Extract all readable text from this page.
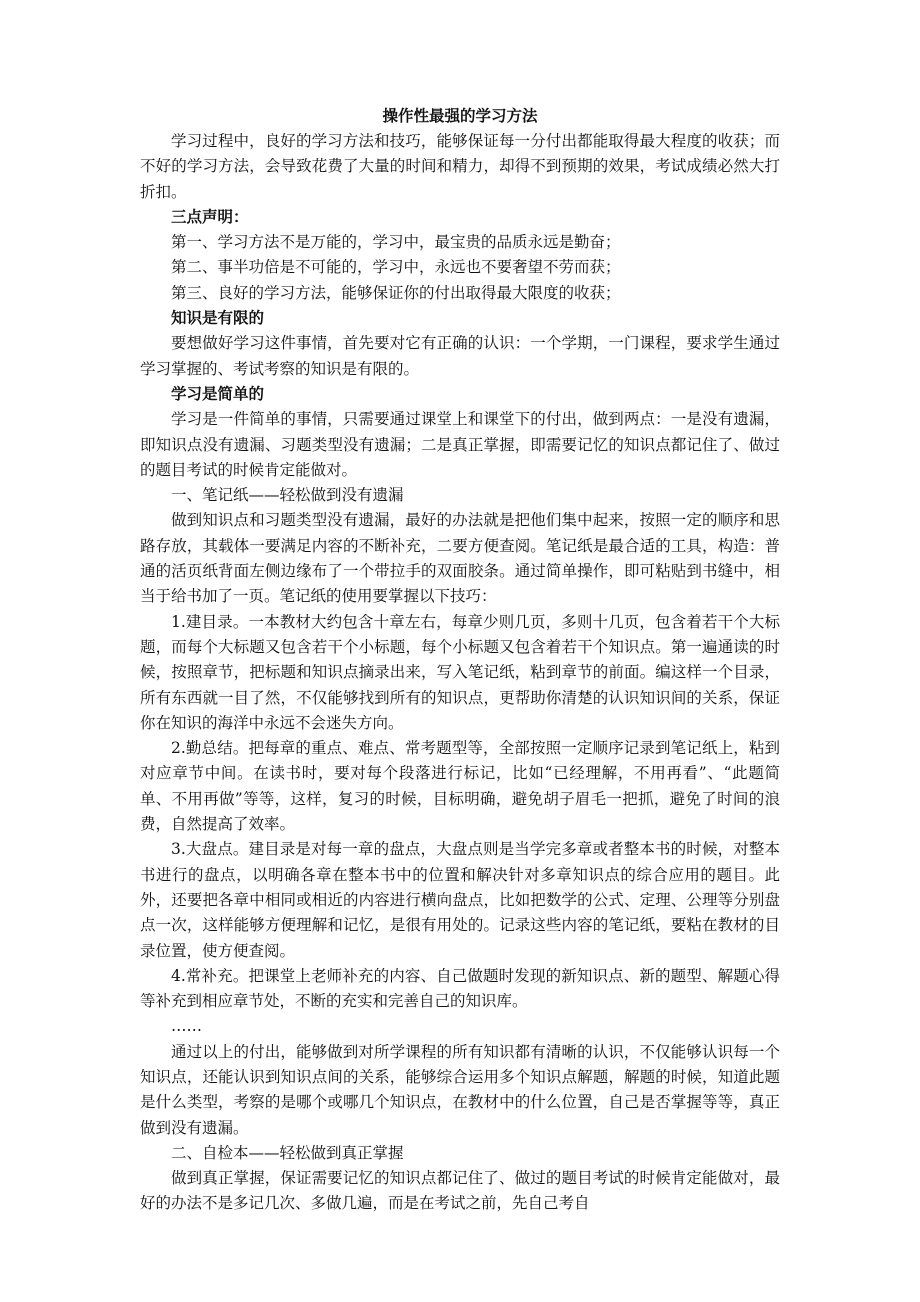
操作性最强的学习方法

学习过程中，良好的学习方法和技巧，能够保证每一分付出都能取得最大程度的收获；而不好的学习方法，会导致花费了大量的时间和精力，却得不到预期的效果，考试成绩必然大打折扣。

三点声明：

第一、学习方法不是万能的，学习中，最宝贵的品质永远是勤奋；

第二、事半功倍是不可能的，学习中，永远也不要奢望不劳而获；

第三、良好的学习方法，能够保证你的付出取得最大限度的收获；

知识是有限的

要想做好学习这件事情，首先要对它有正确的认识：一个学期，一门课程，要求学生通过学习掌握的、考试考察的知识是有限的。

学习是简单的

学习是一件简单的事情，只需要通过课堂上和课堂下的付出，做到两点：一是没有遗漏，即知识点没有遗漏、习题类型没有遗漏；二是真正掌握，即需要记忆的知识点都记住了、做过的题目考试的时候肯定能做对。

一、笔记纸——轻松做到没有遗漏

做到知识点和习题类型没有遗漏，最好的办法就是把他们集中起来，按照一定的顺序和思路存放，其载体一要满足内容的不断补充，二要方便查阅。笔记纸是最合适的工具，构造：普通的活页纸背面左侧边缘布了一个带拉手的双面胶条。通过简单操作，即可粘贴到书缝中，相当于给书加了一页。笔记纸的使用要掌握以下技巧：

1.建目录。一本教材大约包含十章左右，每章少则几页，多则十几页，包含着若干个大标题，而每个大标题又包含若干个小标题，每个小标题又包含着若干个知识点。第一遍通读的时候，按照章节，把标题和知识点摘录出来，写入笔记纸，粘到章节的前面。编这样一个目录，所有东西就一目了然，不仅能够找到所有的知识点，更帮助你清楚的认识知识间的关系，保证你在知识的海洋中永远不会迷失方向。

2.勤总结。把每章的重点、难点、常考题型等，全部按照一定顺序记录到笔记纸上，粘到对应章节中间。在读书时，要对每个段落进行标记，比如“已经理解，不用再看”、“此题简单、不用再做”等等，这样，复习的时候，目标明确，避免胡子眉毛一把抓，避免了时间的浪费，自然提高了效率。

3.大盘点。建目录是对每一章的盘点，大盘点则是当学完多章或者整本书的时候，对整本书进行的盘点，以明确各章在整本书中的位置和解决针对多章知识点的综合应用的题目。此外，还要把各章中相同或相近的内容进行横向盘点，比如把数学的公式、定理、公理等分别盘点一次，这样能够方便理解和记忆，是很有用处的。记录这些内容的笔记纸，要粘在教材的目录位置，使方便查阅。

4.常补充。把课堂上老师补充的内容、自己做题时发现的新知识点、新的题型、解题心得等补充到相应章节处，不断的充实和完善自己的知识库。

……

通过以上的付出，能够做到对所学课程的所有知识都有清晰的认识，不仅能够认识每一个知识点，还能认识到知识点间的关系，能够综合运用多个知识点解题，解题的时候，知道此题是什么类型，考察的是哪个或哪几个知识点，在教材中的什么位置，自己是否掌握等等，真正做到没有遗漏。

二、自检本——轻松做到真正掌握

做到真正掌握，保证需要记忆的知识点都记住了、做过的题目考试的时候肯定能做对，最好的办法不是多记几次、多做几遍，而是在考试之前，先自己考自
